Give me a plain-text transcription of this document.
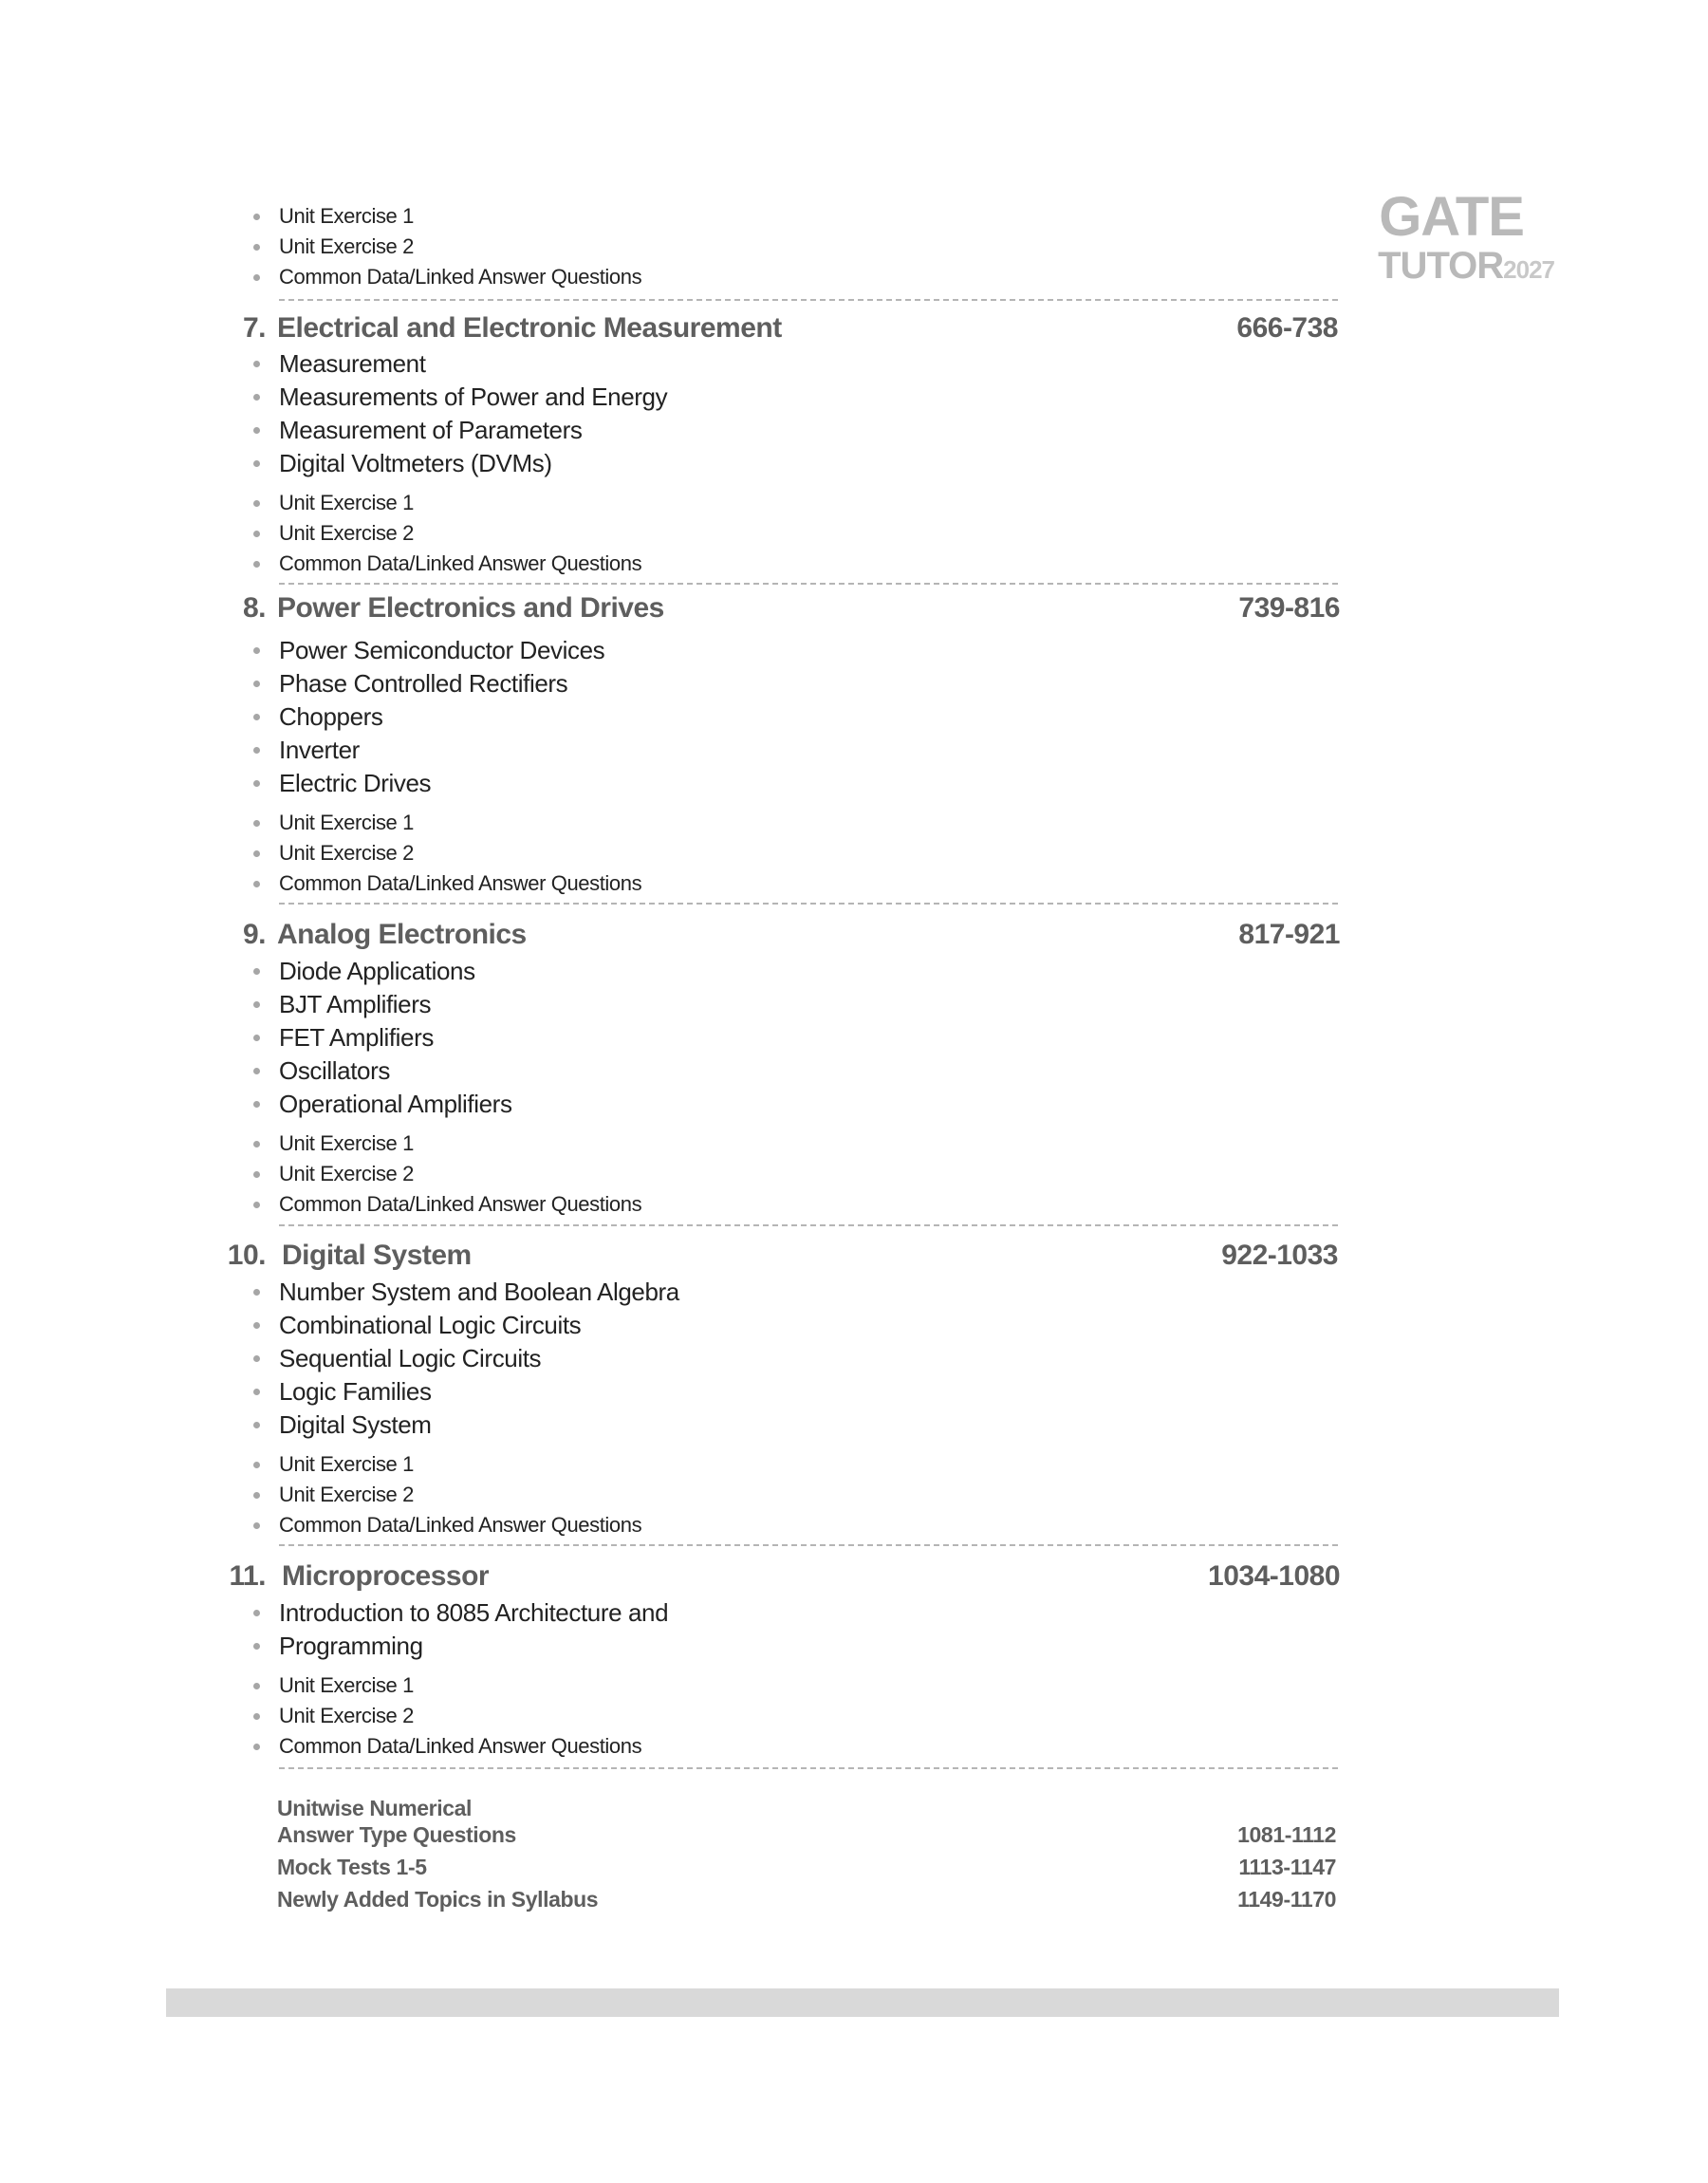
GATE
TUTOR2027
Unit Exercise 1
Unit Exercise 2
Common Data/Linked Answer Questions
7. Electrical and Electronic Measurement	666-738
Measurement
Measurements of Power and Energy
Measurement of Parameters
Digital Voltmeters (DVMs)
Unit Exercise 1
Unit Exercise 2
Common Data/Linked Answer Questions
8. Power Electronics and Drives	739-816
Power Semiconductor Devices
Phase Controlled Rectifiers
Choppers
Inverter
Electric Drives
Unit Exercise 1
Unit Exercise 2
Common Data/Linked Answer Questions
9. Analog Electronics	817-921
Diode Applications
BJT Amplifiers
FET Amplifiers
Oscillators
Operational Amplifiers
Unit Exercise 1
Unit Exercise 2
Common Data/Linked Answer Questions
10. Digital System	922-1033
Number System and Boolean Algebra
Combinational Logic Circuits
Sequential Logic Circuits
Logic Families
Digital System
Unit Exercise 1
Unit Exercise 2
Common Data/Linked Answer Questions
11. Microprocessor	1034-1080
Introduction to 8085 Architecture and
Programming
Unit Exercise 1
Unit Exercise 2
Common Data/Linked Answer Questions
Unitwise Numerical
Answer Type Questions	1081-1112
Mock Tests 1-5	1113-1147
Newly Added Topics in Syllabus	1149-1170
